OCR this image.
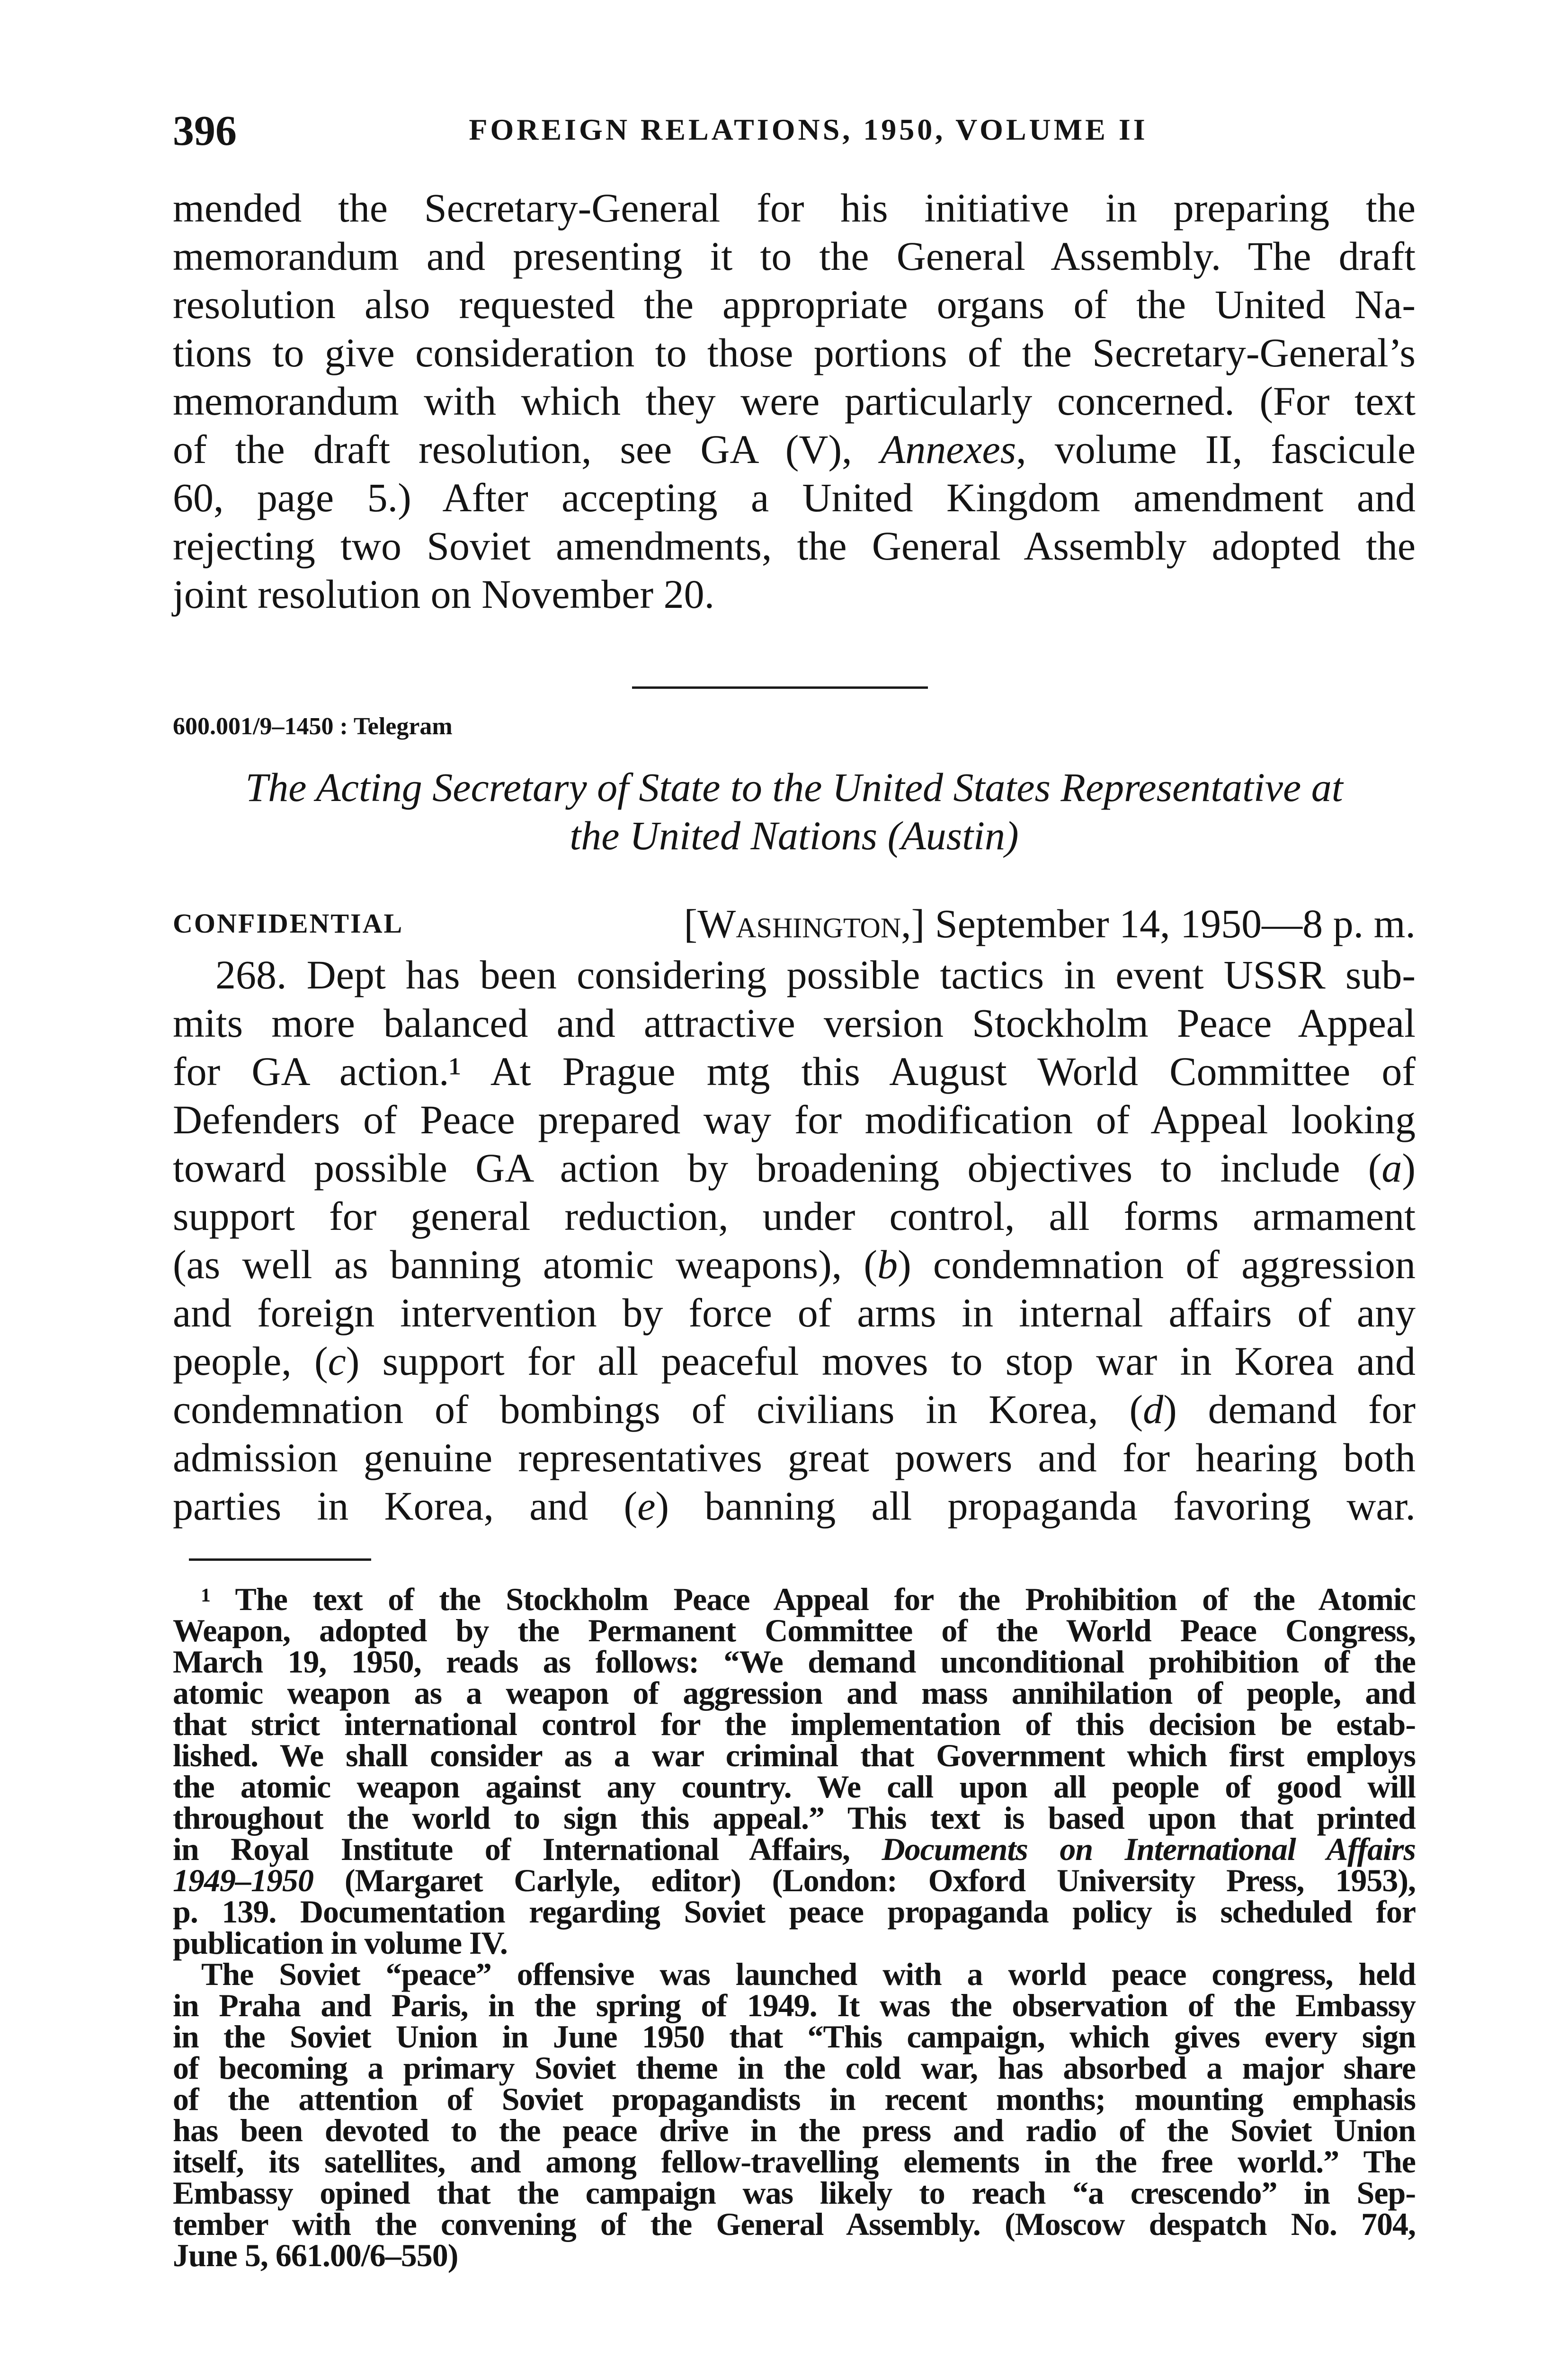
396	FOREIGN RELATIONS, 1950, VOLUME II
mended the Secretary-General for his initiative in preparing the
memorandum and presenting it to the General Assembly. The draft
resolution also requested the appropriate organs of the United Na-
tions to give consideration to those portions of the Secretary-General’s
memorandum with which they were particularly concerned. (For text
of the draft resolution, see GA (V), Annexes, volume II, fascicule
60, page 5.) After accepting a United Kingdom amendment and
rejecting two Soviet amendments, the General Assembly adopted the
joint resolution on November 20.
600.001/9–1450 : Telegram
The Acting Secretary of State to the United States Representative at
the United Nations (Austin)
CONFIDENTIAL	[Washington,] September 14, 1950—8 p. m.
268. Dept has been considering possible tactics in event USSR sub-
mits more balanced and attractive version Stockholm Peace Appeal
for GA action.¹ At Prague mtg this August World Committee of
Defenders of Peace prepared way for modification of Appeal looking
toward possible GA action by broadening objectives to include (a)
support for general reduction, under control, all forms armament
(as well as banning atomic weapons), (b) condemnation of aggression
and foreign intervention by force of arms in internal affairs of any
people, (c) support for all peaceful moves to stop war in Korea and
condemnation of bombings of civilians in Korea, (d) demand for
admission genuine representatives great powers and for hearing both
parties in Korea, and (e) banning all propaganda favoring war.
¹ The text of the Stockholm Peace Appeal for the Prohibition of the Atomic
Weapon, adopted by the Permanent Committee of the World Peace Congress,
March 19, 1950, reads as follows: “We demand unconditional prohibition of the
atomic weapon as a weapon of aggression and mass annihilation of people, and
that strict international control for the implementation of this decision be estab-
lished. We shall consider as a war criminal that Government which first employs
the atomic weapon against any country. We call upon all people of good will
throughout the world to sign this appeal.” This text is based upon that printed
in Royal Institute of International Affairs, Documents on International Affairs
1949–1950 (Margaret Carlyle, editor) (London: Oxford University Press, 1953),
p. 139. Documentation regarding Soviet peace propaganda policy is scheduled for
publication in volume IV.
The Soviet “peace” offensive was launched with a world peace congress, held
in Praha and Paris, in the spring of 1949. It was the observation of the Embassy
in the Soviet Union in June 1950 that “This campaign, which gives every sign
of becoming a primary Soviet theme in the cold war, has absorbed a major share
of the attention of Soviet propagandists in recent months; mounting emphasis
has been devoted to the peace drive in the press and radio of the Soviet Union
itself, its satellites, and among fellow-travelling elements in the free world.” The
Embassy opined that the campaign was likely to reach “a crescendo” in Sep-
tember with the convening of the General Assembly. (Moscow despatch No. 704,
June 5, 661.00/6–550)
